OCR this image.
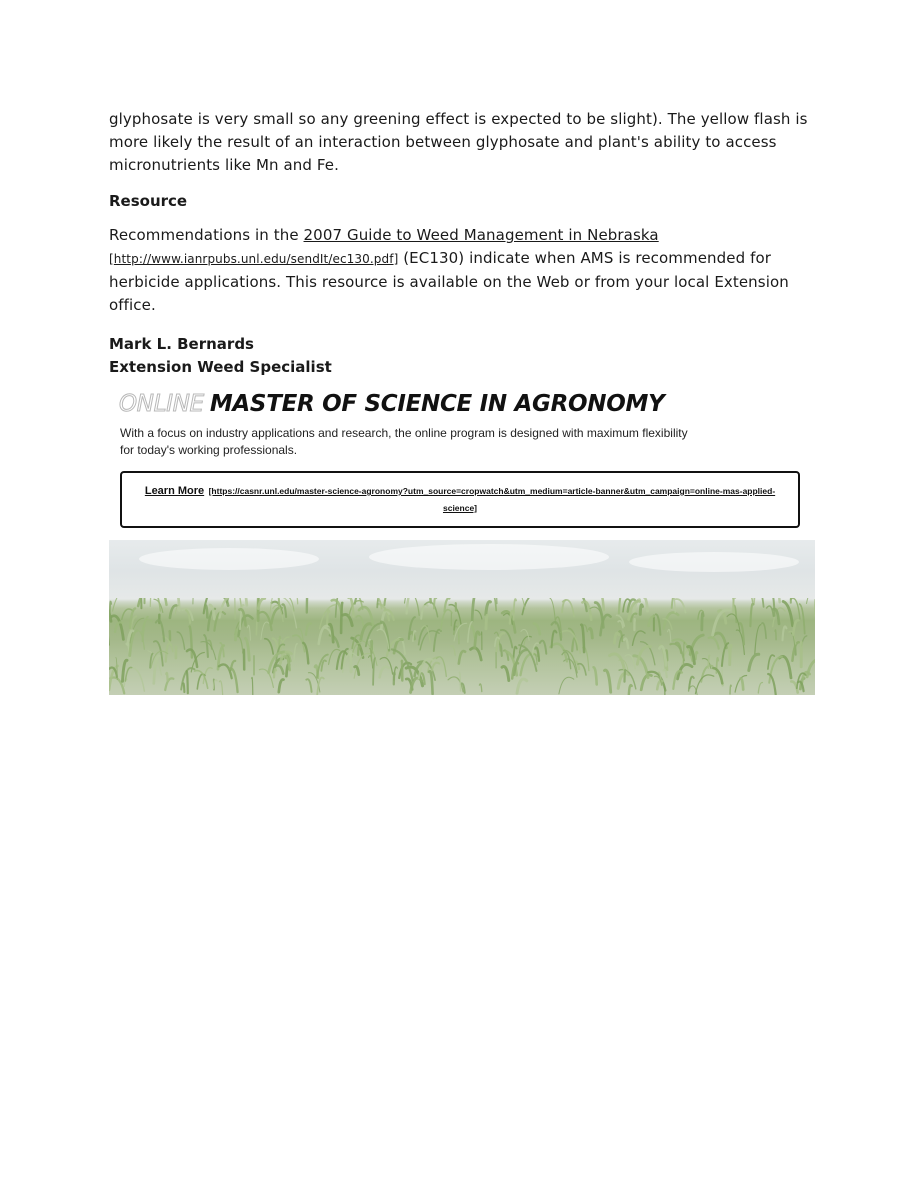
glyphosate is very small so any greening effect is expected to be slight). The yellow flash is more likely the result of an interaction between glyphosate and plant's ability to access micronutrients like Mn and Fe.

Resource

Recommendations in the 2007 Guide to Weed Management in Nebraska
[http://www.ianrpubs.unl.edu/sendIt/ec130.pdf] (EC130) indicate when AMS is recommended for herbicide applications. This resource is available on the Web or from your local Extension office.

Mark L. Bernards
Extension Weed Specialist
ONLINE MASTER OF SCIENCE IN AGRONOMY
With a focus on industry applications and research, the online program is designed with maximum flexibility for today's working professionals.
Learn More [https://casnr.unl.edu/master-science-agronomy?utm_source=cropwatch&utm_medium=article-banner&utm_campaign=online-mas-applied-science]
